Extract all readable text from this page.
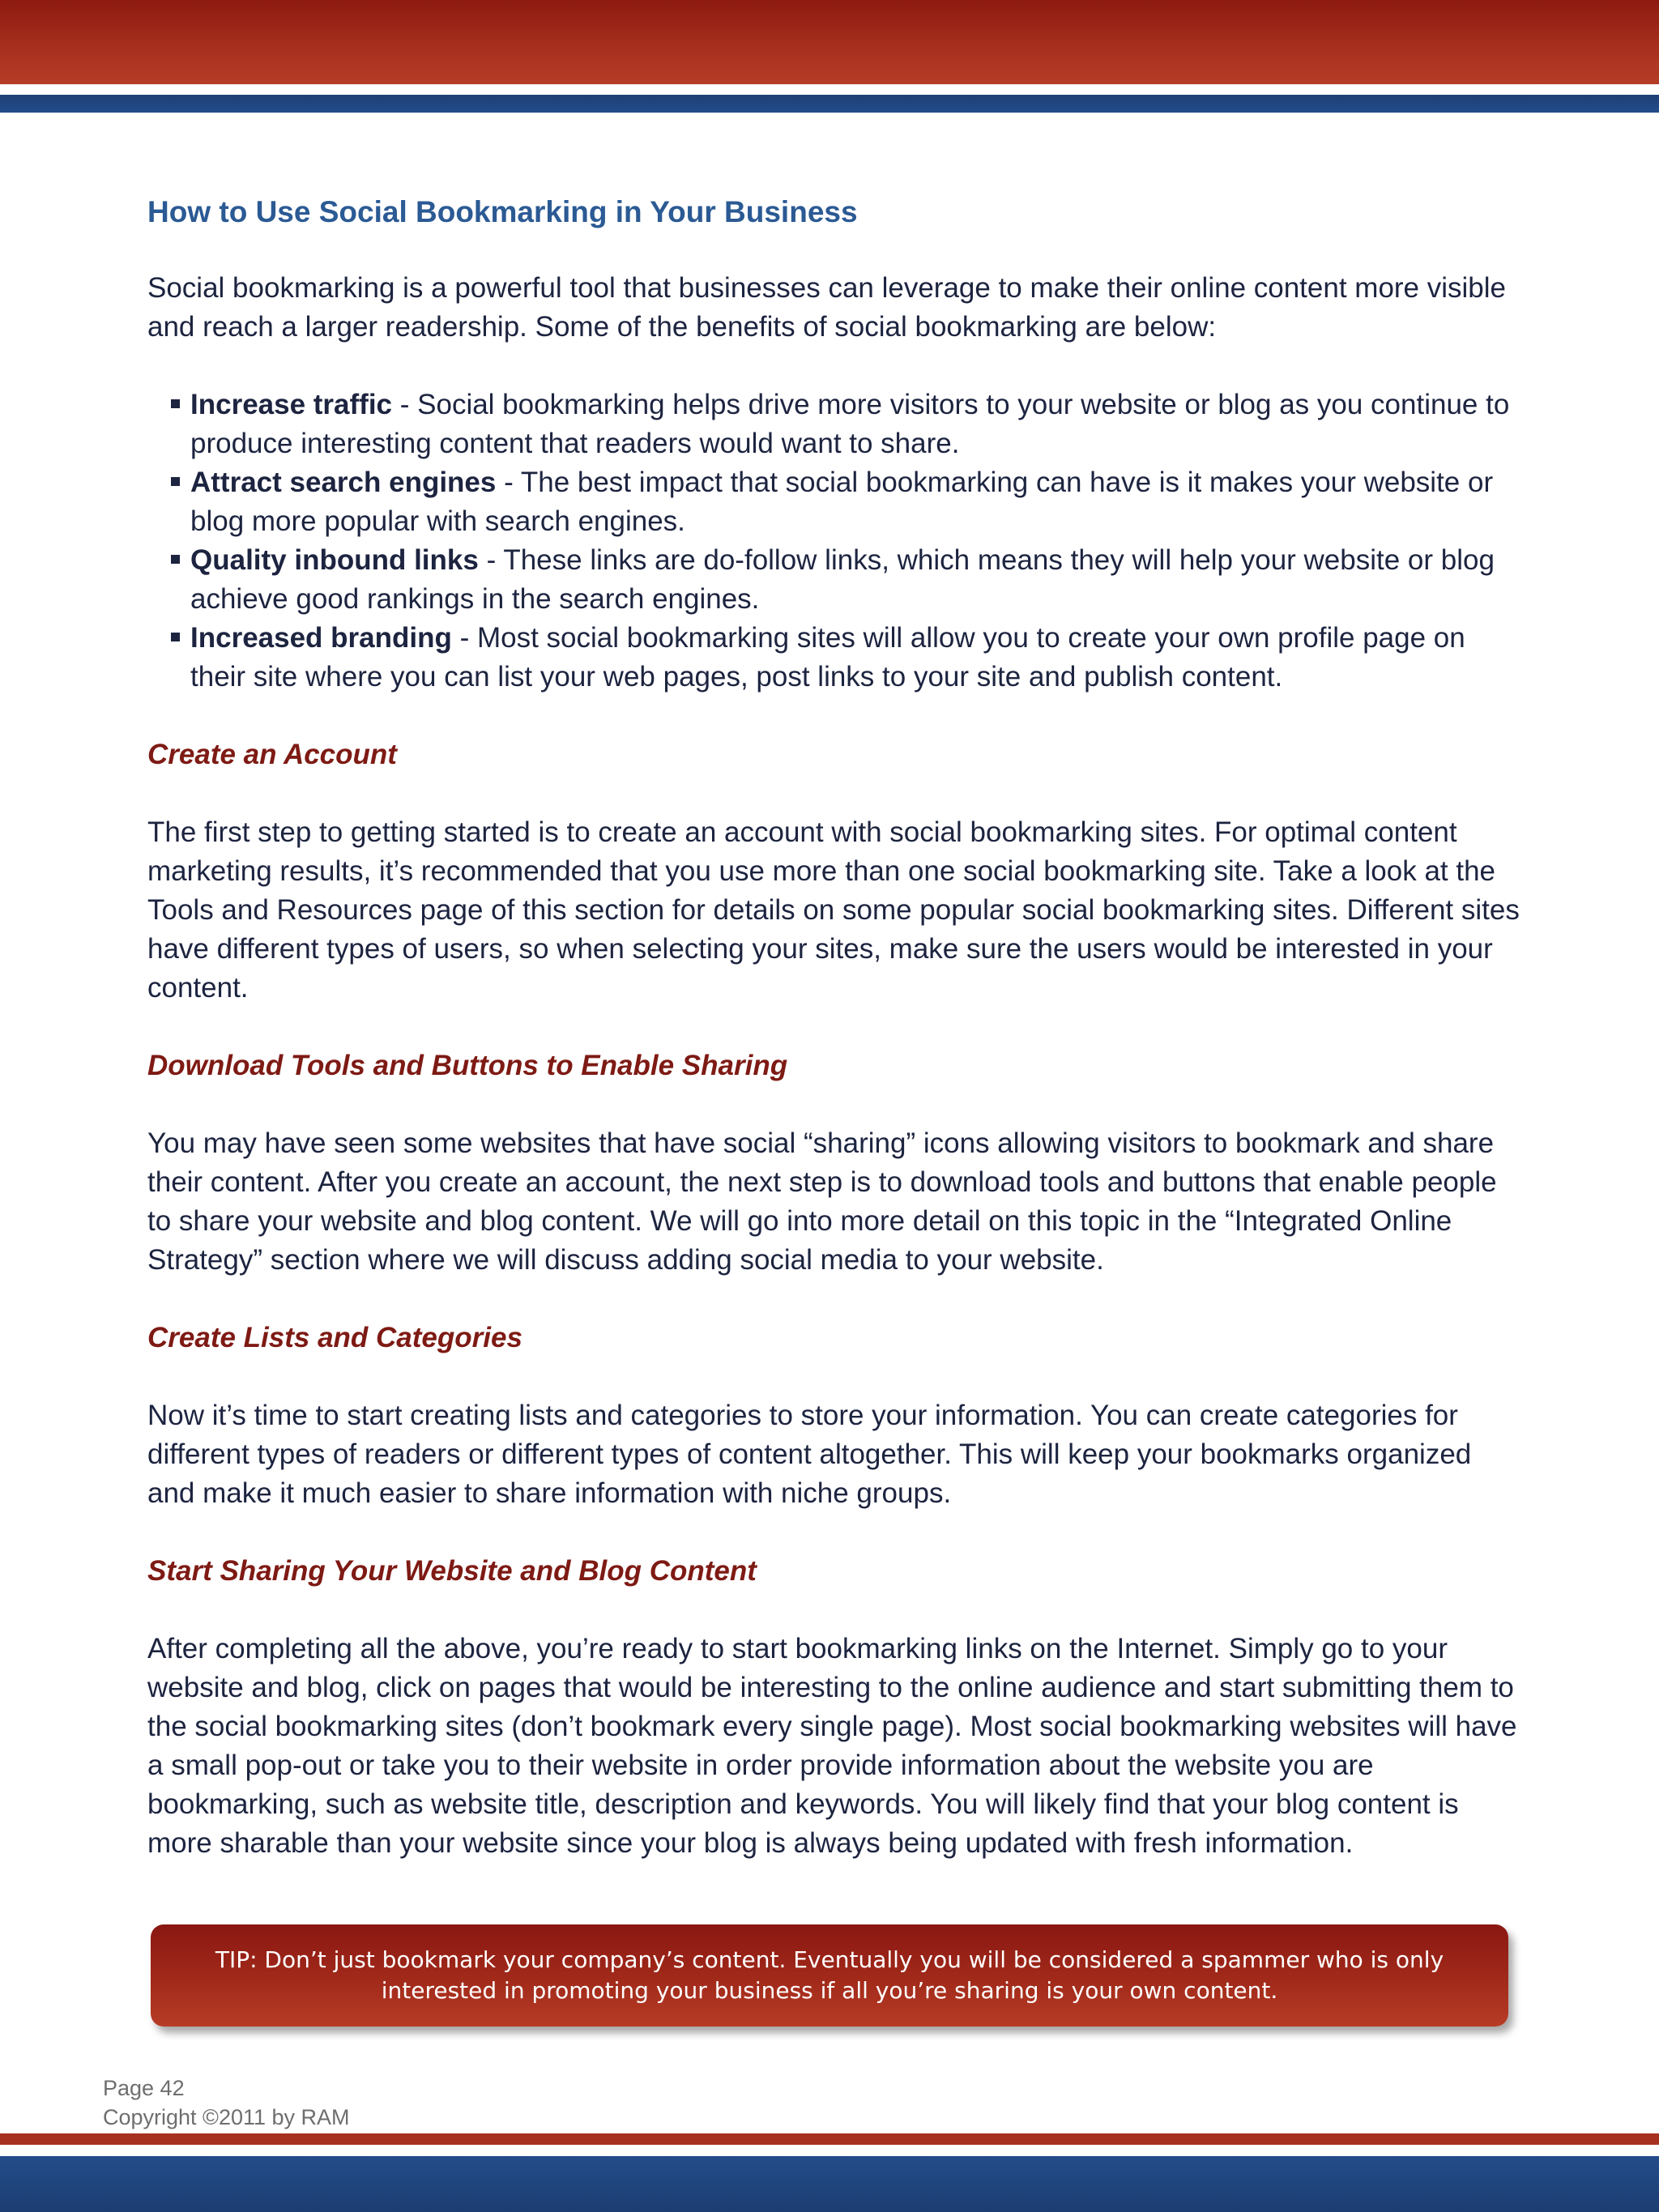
How to Use Social Bookmarking in Your Business

Social bookmarking is a powerful tool that businesses can leverage to make their online content more visible and reach a larger readership. Some of the benefits of social bookmarking are below:

Increase traffic - Social bookmarking helps drive more visitors to your website or blog as you continue to produce interesting content that readers would want to share.
Attract search engines - The best impact that social bookmarking can have is it makes your website or blog more popular with search engines.
Quality inbound links - These links are do-follow links, which means they will help your website or blog achieve good rankings in the search engines.
Increased branding - Most social bookmarking sites will allow you to create your own profile page on their site where you can list your web pages, post links to your site and publish content.
Create an Account

The first step to getting started is to create an account with social bookmarking sites. For optimal content marketing results, it’s recommended that you use more than one social bookmarking site. Take a look at the Tools and Resources page of this section for details on some popular social bookmarking sites. Different sites have different types of users, so when selecting your sites, make sure the users would be interested in your content.

Download Tools and Buttons to Enable Sharing

You may have seen some websites that have social “sharing” icons allowing visitors to bookmark and share their content. After you create an account, the next step is to download tools and buttons that enable people to share your website and blog content. We will go into more detail on this topic in the “Integrated Online Strategy” section where we will discuss adding social media to your website.

Create Lists and Categories

Now it’s time to start creating lists and categories to store your information. You can create categories for different types of readers or different types of content altogether. This will keep your bookmarks organized and make it much easier to share information with niche groups.

Start Sharing Your Website and Blog Content

After completing all the above, you’re ready to start bookmarking links on the Internet. Simply go to your website and blog, click on pages that would be interesting to the online audience and start submitting them to the social bookmarking sites (don’t bookmark every single page). Most social bookmarking websites will have a small pop-out or take you to their website in order provide information about the website you are bookmarking, such as website title, description and keywords. You will likely find that your blog content is more sharable than your website since your blog is always being updated with fresh information.

TIP: Don’t just bookmark your company’s content. Eventually you will be considered a spammer who is only interested in promoting your business if all you’re sharing is your own content.
Page 42
Copyright ©2011 by RAM
